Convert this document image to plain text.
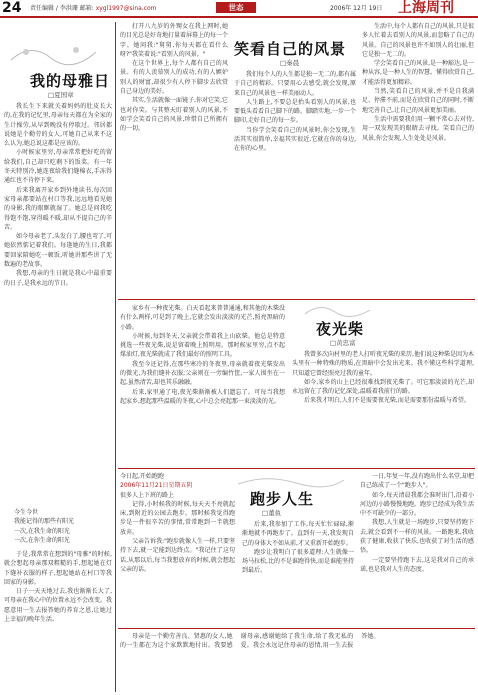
24 责任编辑 / 李洪珊 邮箱: xygl1997@sina.com	世态	2006年 12月 19日 上海周刊
我的母雅日
□夏国章

我长生下来就关着妈妈的肚皮长大的,在我的记忆里,母亲每天都在为全家的生计操劳,从早到晚没有停歇过。邻居都说她是个勤劳的女人,可她自己从来不这么认为,她总说这都是应该的。

小时候家里穷,母亲常常把好吃的留给我们,自己却只吃剩下的饭菜。有一年冬天特别冷,她连夜给我们缝棉衣,手冻得通红也不肯停下来。

后来我离开家乡到外地读书,每次回家母亲都要站在村口等我,远远地看见她的身影,我的眼眶就湿了。她总是问我吃得饱不饱,穿得暖不暖,却从不提自己的辛苦。

如今母亲老了,头发白了,腰也弯了,可她依然惦记着我们。每逢她的生日,我都要回家陪她吃一顿饭,听她讲那些讲了无数遍的老故事。

我想,母亲的生日就是我心中最重要的日子,是我永远的节日。

今生今世
我能记得的那些有阳光
一次,在我生命的阳光
一次,在你生命的阳光

于是,我常常在想到的"母雅"的时候,就会想起母亲那双粗糙的手,想起她在灯下缝补衣服的样子,想起她站在村口等我回家的身影。

日子一天天地过去,我也渐渐长大了,可母亲在我心中的位置永远不会改变。我愿意用一生去报答她的养育之恩,让她过上幸福的晚年生活。

打开八九岁的外甥女在我上网时,她的目光总是好奇地打量着屏幕上的每一个字。她问我:"舅舅,你每天都在看什么呀?"我笑着说:"看别人的风景。"

在这个世界上,每个人都有自己的风景。有的人羡慕别人的成功,有的人嫉妒别人的财富,却很少有人停下脚步去欣赏自己身边的美好。

其实,生活就像一面镜子,你对它笑,它也对你笑。与其整天盯着别人的风景,不如学会笑看自己的风景,珍惜自己所拥有的一切。

笑看自己的风景
□秦晨

我们每个人的人生都是独一无二的,都有属于自己的精彩。只要用心去感受,就会发现,原来自己的风景也一样美丽动人。

人生路上,不要总是抬头看别人的风景,也要低头看看自己脚下的路。脚踏实地,一步一个脚印,走好自己的每一步。

当你学会笑看自己的风景时,你会发现,生活其实很简单,幸福其实很近,它就在你的身边,在你的心里。

生活中,每个人都有自己的风景,只是很多人忙着去看别人的风景,而忽略了自己的风景。自己的风景也许不如别人的壮丽,但它是独一无二的。

学会笑看自己的风景,是一种豁达,是一种从容,是一种人生的智慧。懂得欣赏自己,才能活得更加精彩。

当然,笑看自己的风景,并不是自我满足、停滞不前,而是在欣赏自己的同时,不断地完善自己,让自己的风景更加美丽。

生活中需要我们用一颗平常心去对待,用一双发现美的眼睛去寻找。笑看自己的风景,你会发现,人生处处是风景。

家乡有一种夜光柴。白天看起来普普通通,和其他的木柴没有什么两样,可是到了晚上,它就会发出淡淡的光芒,照亮黑暗的小路。

小时候,每到冬天,父亲就会带着我上山砍柴。他总是特意挑选一些夜光柴,说是留着晚上照明用。那时候家里穷,点不起煤油灯,夜光柴就成了我们最好的照明工具。

我至今还记得,在那些寒冷的冬夜里,母亲就着夜光柴发出的微光,为我们缝补衣服;父亲则在一旁编竹筐,一家人围坐在一起,虽然清苦,却也其乐融融。

后来,家里通了电,夜光柴渐渐被人们遗忘了。可每当我想起家乡,想起那些温暖的冬夜,心中总会亮起那一束淡淡的光。

夜光柴
□黄忠富

我曾多次向村里的老人打听夜光柴的来历,他们说这种柴是因为木头里有一种特殊的物质,在黑暗中会发出光来。我不懂这些科学道理,只知道它曾经照亮过我的童年。

如今,家乡的山上已经很难找到夜光柴了。可它那淡淡的光芒,却永远留在了我的记忆深处,温暖着我前行的路。

后来我才明白,人们不是需要夜光柴,而是需要那份温暖与希望。

今日起,开始跑跑
2006年11月21日星期五阴
很多人上下班的路上

记得,小时候我的时候,每天天不亮就起床,到附近的公园去跑步。那时候我觉得跑步是一件很辛苦的事情,常常跑到一半就想放弃。

父亲告诉我:"跑步就像人生一样,只要坚持下去,就一定能到达终点。"我记住了这句话,从那以后,每当我想放弃的时候,就会想起父亲的话。

跑步人生
□董鱼

后来,我参加了工作,每天忙忙碌碌,渐渐地就不再跑步了。直到有一天,我发现自己的身体大不如从前,才又重新开始跑步。

跑步让我明白了很多道理:人生就像一场马拉松,比的不是谁跑得快,而是谁能坚持到最后。

一日,年复一年,没有跑出什么名堂,却把自己练成了一个"跑步人"。

如今,每天清晨我都会准时出门,沿着小河边的小路慢慢地跑。跑步已经成为我生活中不可缺少的一部分。

我想,人生就是一场跑步,只要坚持跑下去,就会看到不一样的风景。一路跑来,我收获了健康,收获了快乐,也收获了对生活的感悟。

一定要坚持跑下去,这是我对自己的承诺,也是我对人生的态度。

母亲是一个勤劳善良、贤惠的女人,她的一生都在为这个家默默地付出。我要感谢母亲,感谢她给了我生命,给了我无私的爱。我会永远记住母亲的恩情,用一生去报答她。
